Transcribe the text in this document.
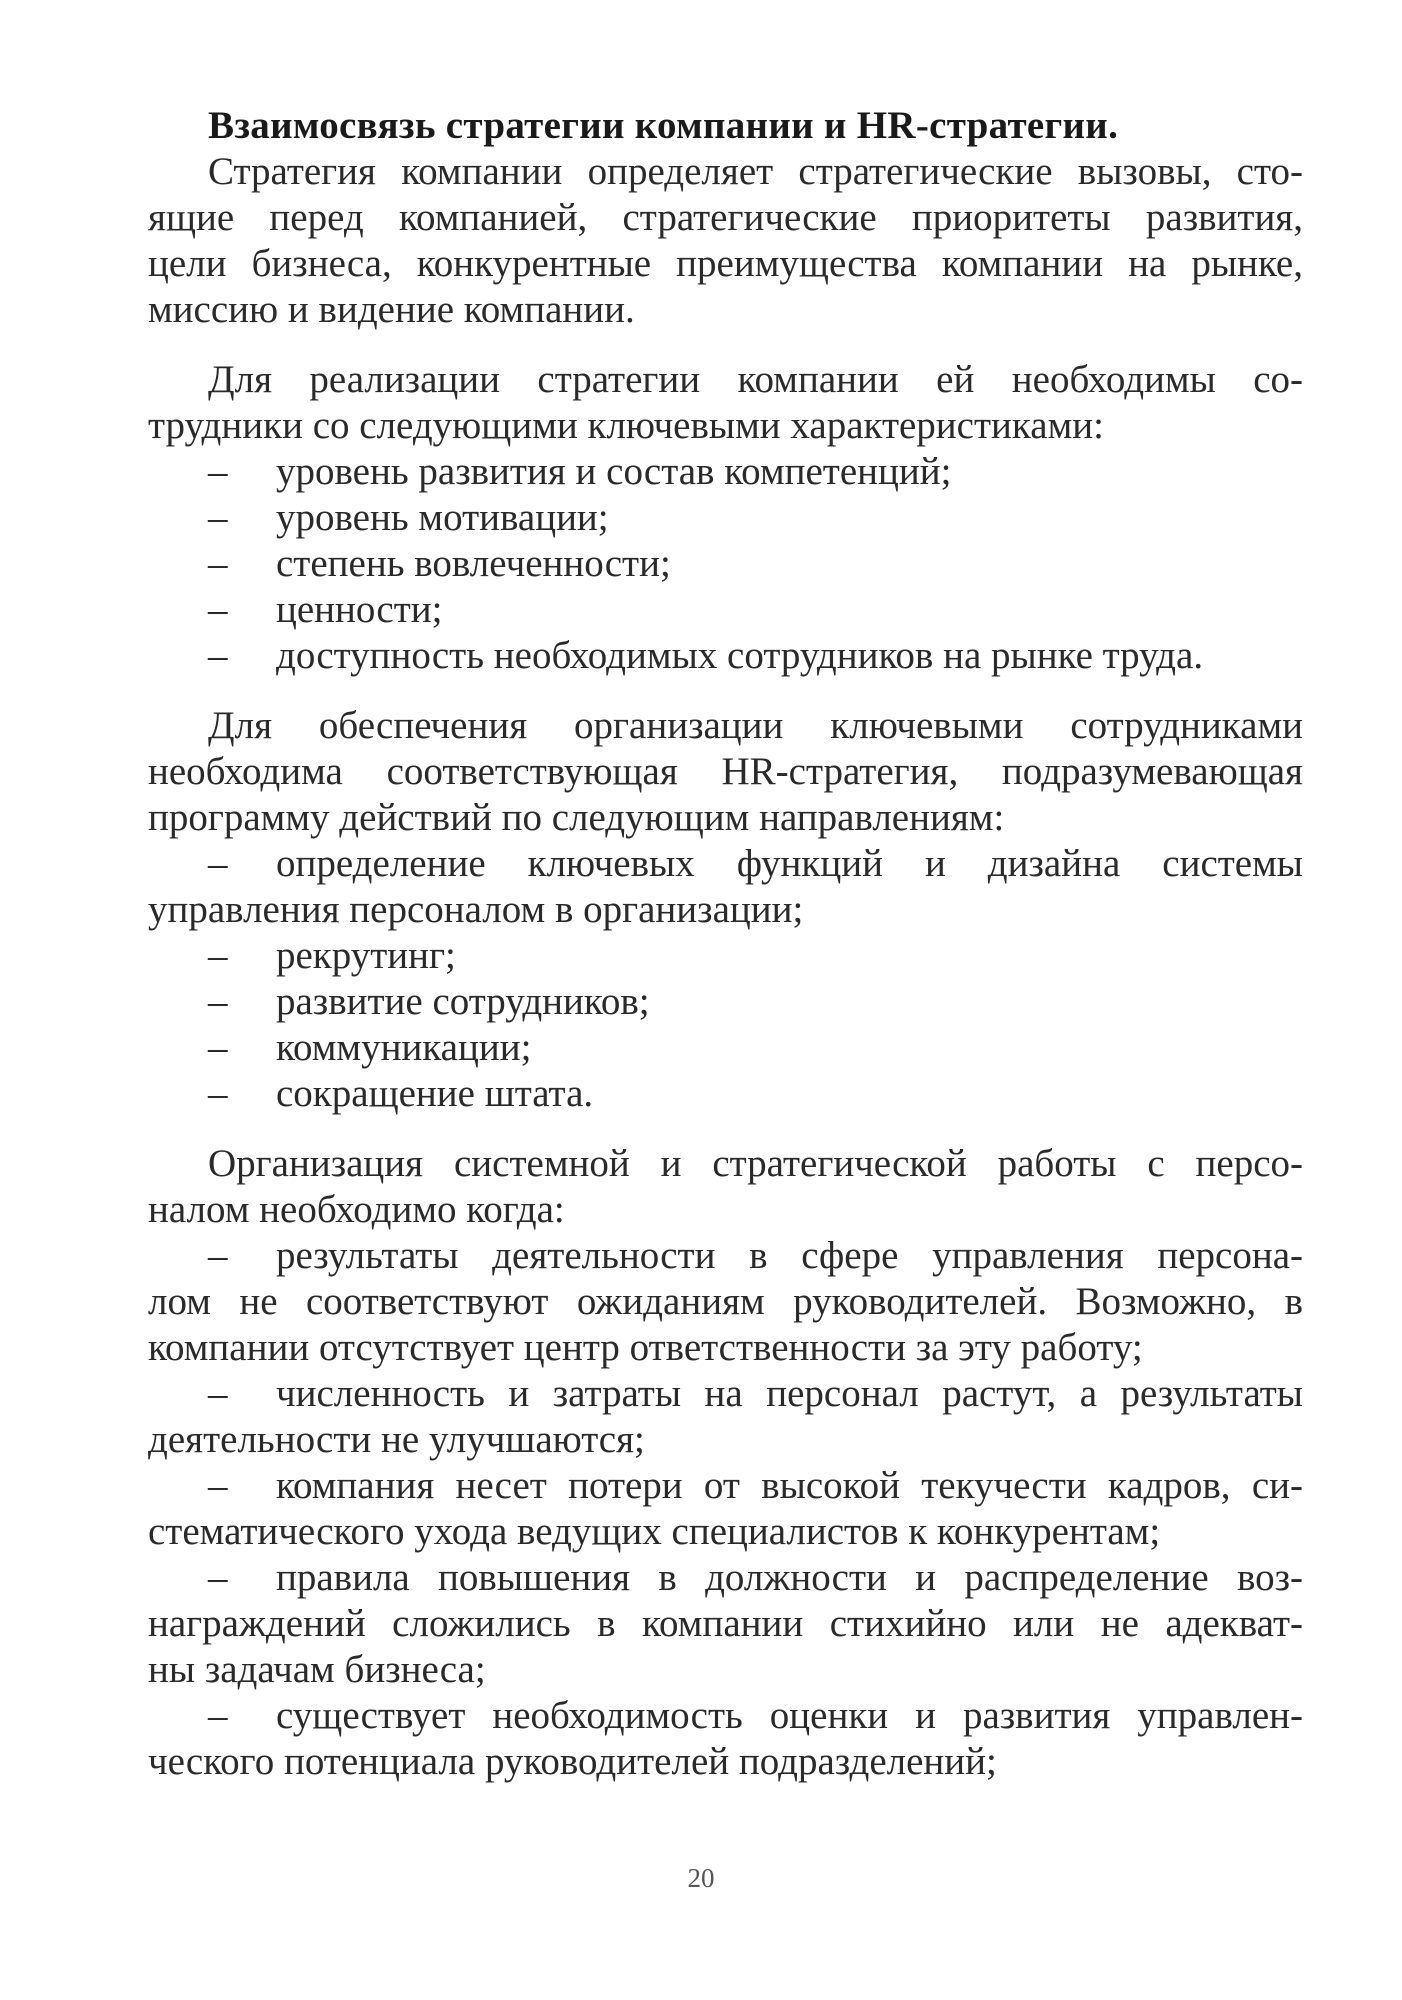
Взаимосвязь стратегии компании и HR-стратегии.
Стратегия компании определяет стратегические вызовы, сто-
ящие перед компанией, стратегические приоритеты развития,
цели бизнеса, конкурентные преимущества компании на рынке,
миссию и видение компании.
Для реализации стратегии компании ей необходимы со-
трудники со следующими ключевыми характеристиками:
– уровень развития и состав компетенций;
– уровень мотивации;
– степень вовлеченности;
– ценности;
– доступность необходимых сотрудников на рынке труда.
Для обеспечения организации ключевыми сотрудниками
необходима соответствующая HR-стратегия, подразумевающая
программу действий по следующим направлениям:
– определение ключевых функций и дизайна системы
управления персоналом в организации;
– рекрутинг;
– развитие сотрудников;
– коммуникации;
– сокращение штата.
Организация системной и стратегической работы с персо-
налом необходимо когда:
– результаты деятельности в сфере управления персона-
лом не соответствуют ожиданиям руководителей. Возможно, в
компании отсутствует центр ответственности за эту работу;
– численность и затраты на персонал растут, а результаты
деятельности не улучшаются;
– компания несет потери от высокой текучести кадров, си-
стематического ухода ведущих специалистов к конкурентам;
– правила повышения в должности и распределение воз-
награждений сложились в компании стихийно или не адекват-
ны задачам бизнеса;
– существует необходимость оценки и развития управлен-
ческого потенциала руководителей подразделений;
20
